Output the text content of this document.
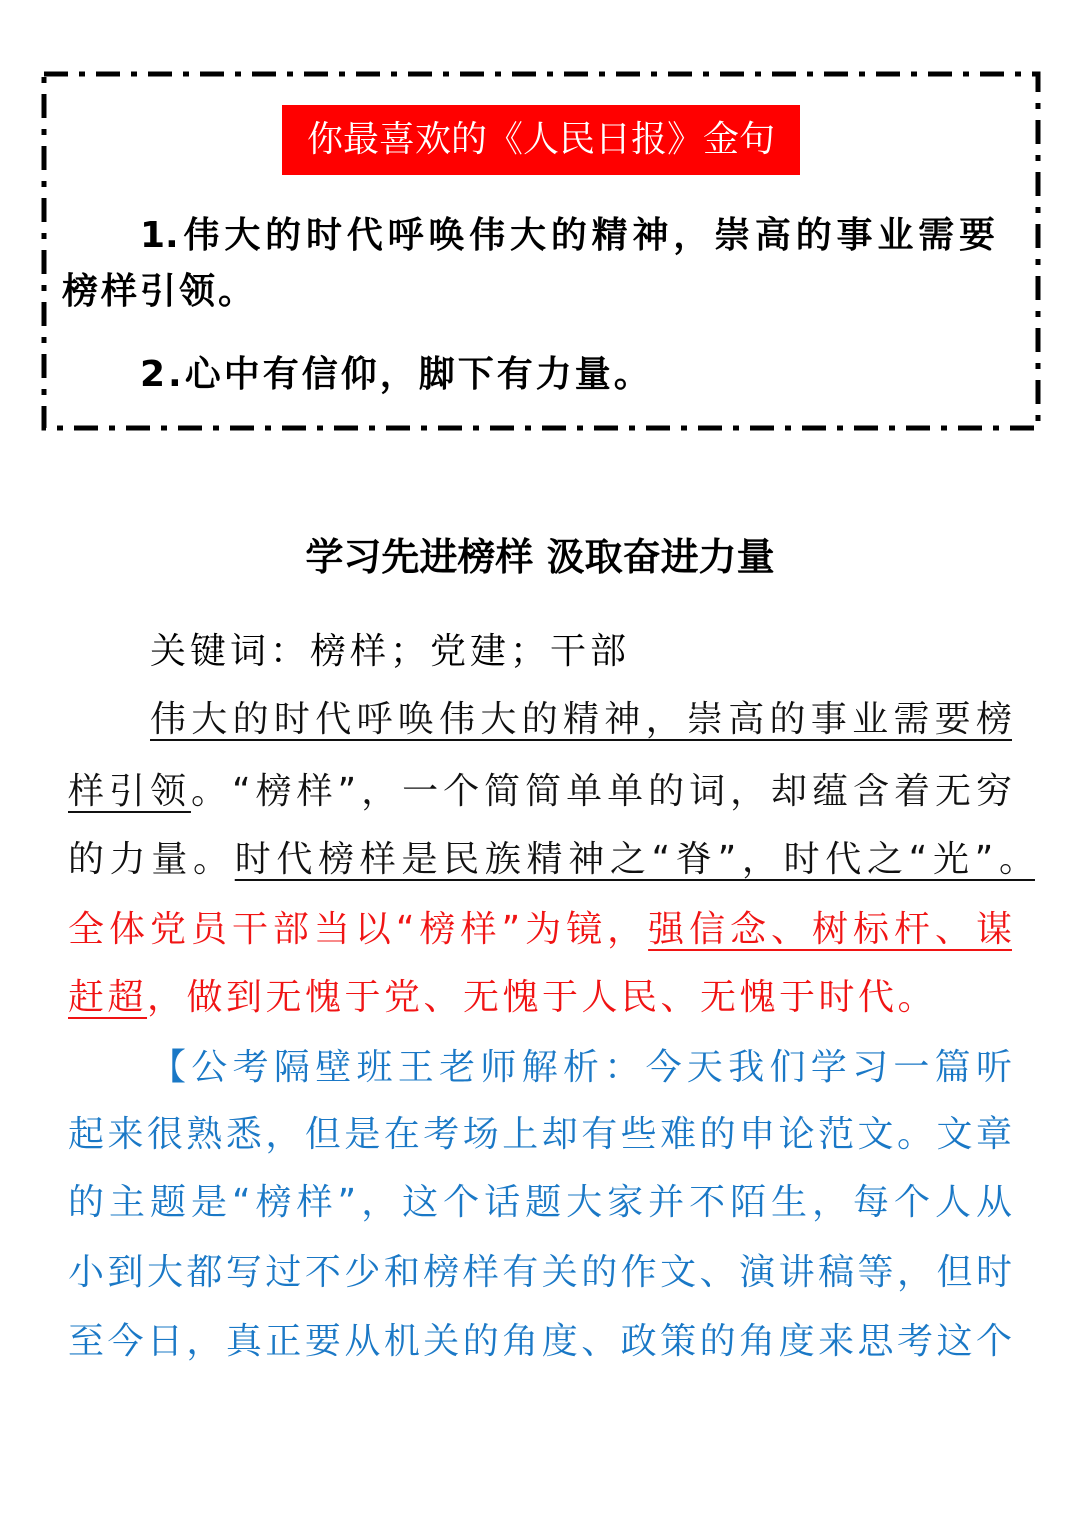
你最喜欢的《人民日报》金句
1.伟大的时代呼唤伟大的精神，崇高的事业需要
榜样引领。
2.心中有信仰，脚下有力量。
学习先进榜样 汲取奋进力量
关键词：榜样；党建；干部
伟大的时代呼唤伟大的精神，崇高的事业需要榜
样引领。“榜样”，一个简简单单的词，却蕴含着无穷
的力量。时代榜样是民族精神之“脊”，时代之“光”。
全体党员干部当以“榜样”为镜，强信念、树标杆、谋
赶超，做到无愧于党、无愧于人民、无愧于时代。
【公考隔壁班王老师解析：今天我们学习一篇听
起来很熟悉，但是在考场上却有些难的申论范文。文章
的主题是“榜样”，这个话题大家并不陌生，每个人从
小到大都写过不少和榜样有关的作文、演讲稿等，但时
至今日，真正要从机关的角度、政策的角度来思考这个
